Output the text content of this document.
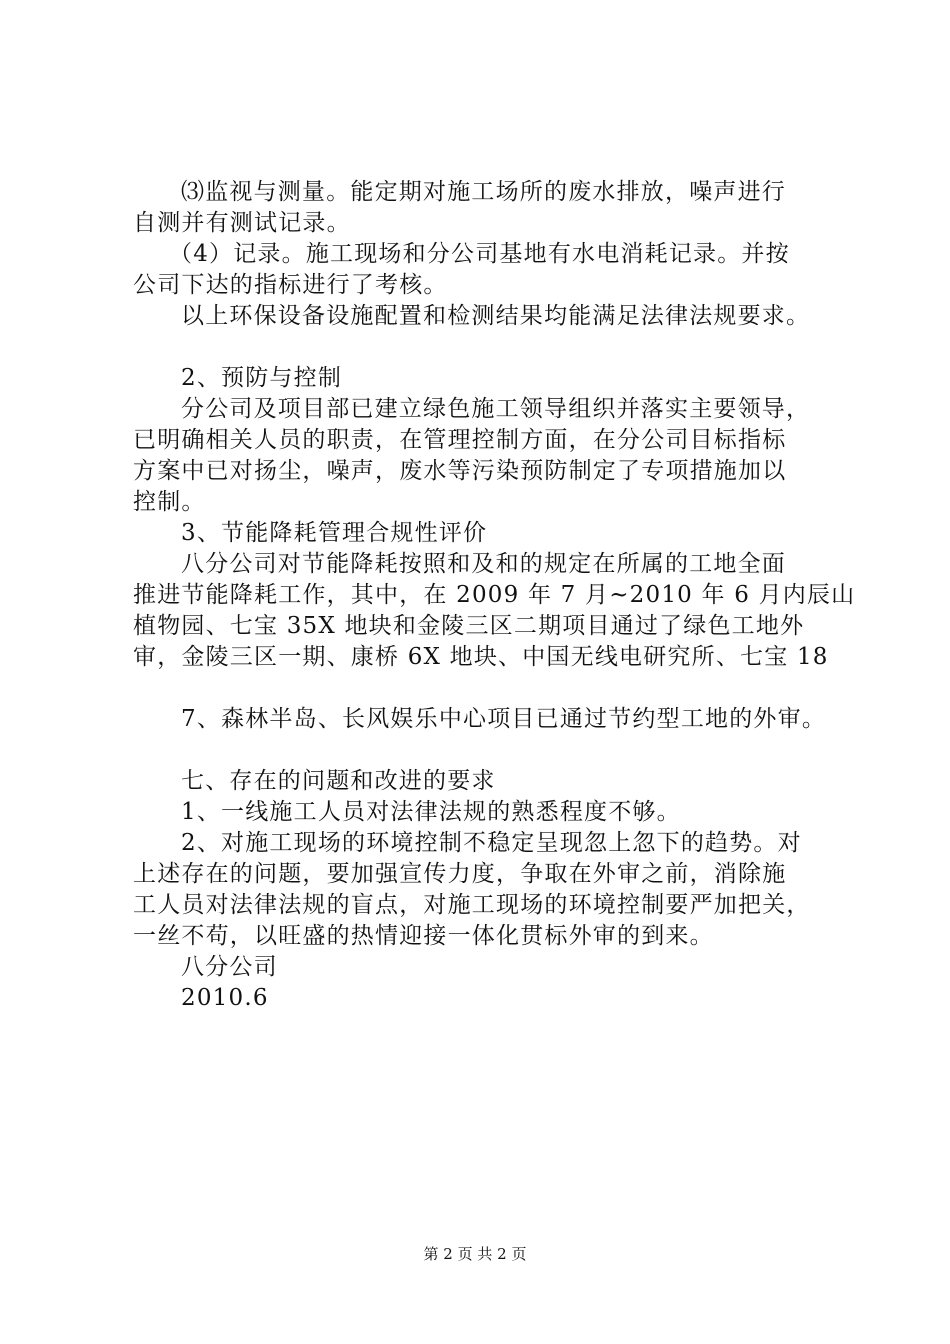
⑶监视与测量。能定期对施工场所的废水排放，噪声进行
自测并有测试记录。
（4）记录。施工现场和分公司基地有水电消耗记录。并按
公司下达的指标进行了考核。
以上环保设备设施配置和检测结果均能满足法律法规要求。
2、预防与控制
分公司及项目部已建立绿色施工领导组织并落实主要领导，
已明确相关人员的职责，在管理控制方面，在分公司目标指标
方案中已对扬尘，噪声，废水等污染预防制定了专项措施加以
控制。
3、节能降耗管理合规性评价
八分公司对节能降耗按照和及和的规定在所属的工地全面
推进节能降耗工作，其中，在 2009 年 7 月~2010 年 6 月内辰山
植物园、七宝 35X 地块和金陵三区二期项目通过了绿色工地外
审，金陵三区一期、康桥 6X 地块、中国无线电研究所、七宝 18
7、森林半岛、长风娱乐中心项目已通过节约型工地的外审。
七、存在的问题和改进的要求
1、一线施工人员对法律法规的熟悉程度不够。
2、对施工现场的环境控制不稳定呈现忽上忽下的趋势。对
上述存在的问题，要加强宣传力度，争取在外审之前，消除施
工人员对法律法规的盲点，对施工现场的环境控制要严加把关，
一丝不苟，以旺盛的热情迎接一体化贯标外审的到来。
八分公司
2010.6
第 2 页 共 2 页
